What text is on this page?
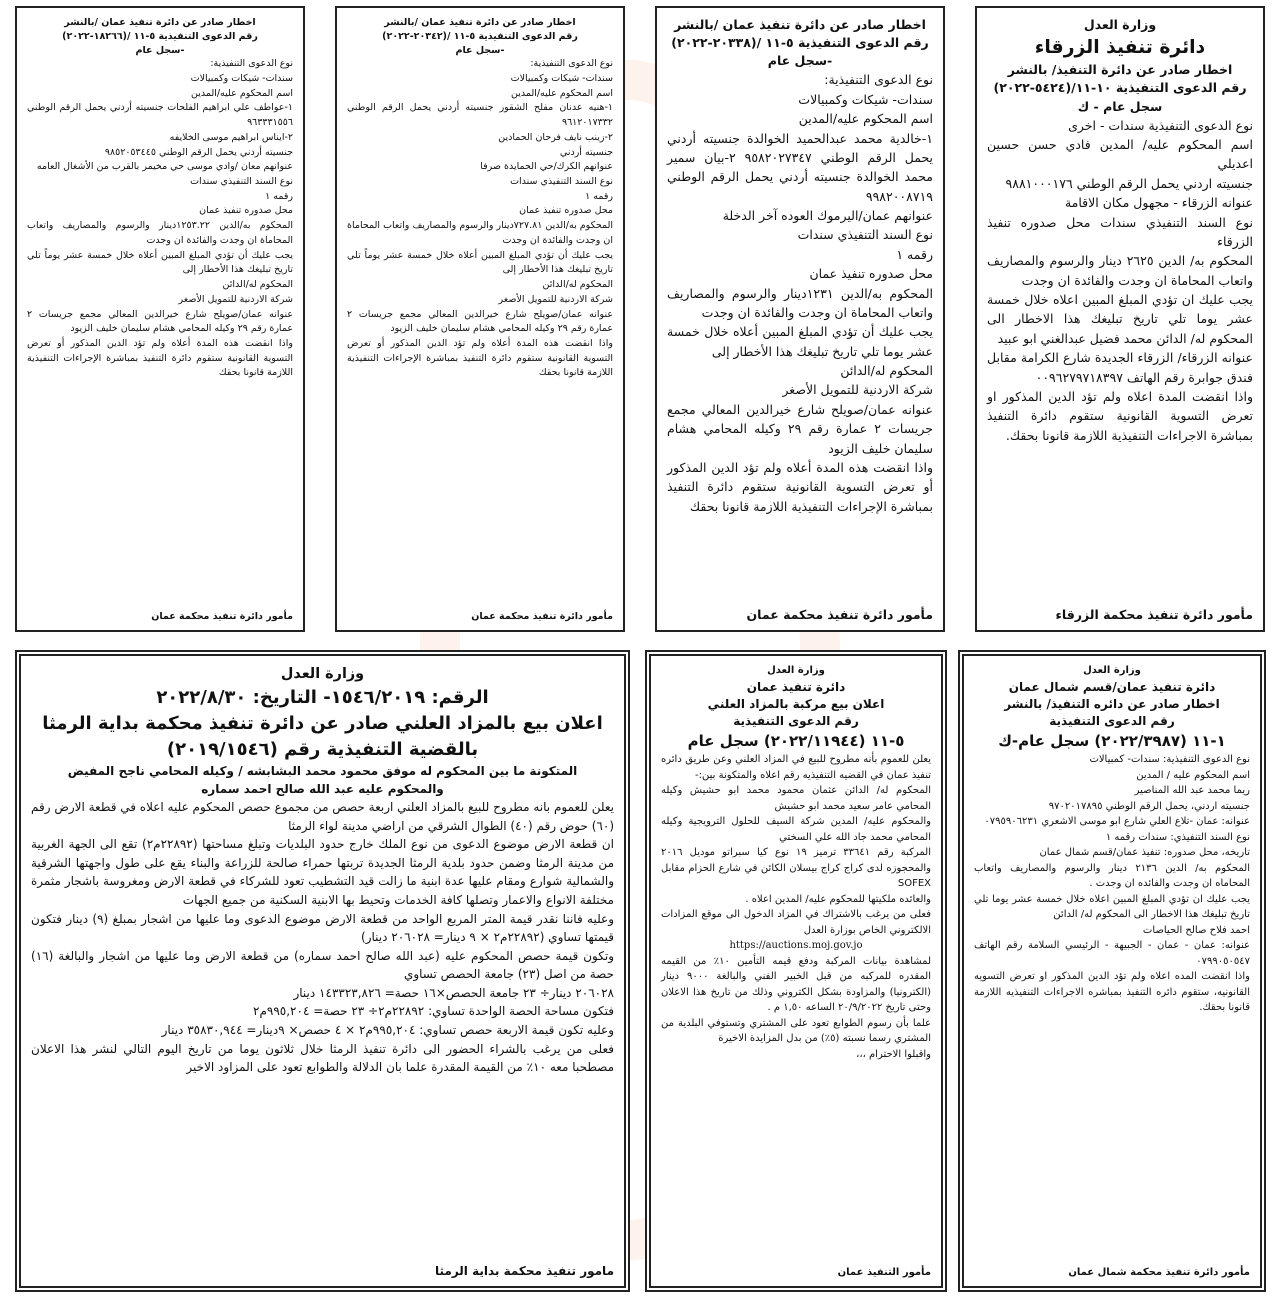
وزارة العدل
دائرة تنفيذ الزرقاء
اخطار صادر عن دائرة التنفيذ/ بالنشر
رقم الدعوى التنفيذية ١٠-١١/(٥٤٢٤-٢٠٢٢)
سجل عام - ك
نوع الدعوى التنفيذية سندات - اخرى
اسم المحكوم عليه/ المدين فادي حسن حسين اعديلي
جنسيته اردني يحمل الرقم الوطني ٩٨٨١٠٠٠١٧٦
عنوانه الزرقاء - مجهول مكان الاقامة
نوع السند التنفيذي سندات محل صدوره تنفيذ الزرقاء
المحكوم به/ الدين ٢٦٢٥ دينار والرسوم والمصاريف واتعاب المحاماة ان وجدت والفائدة ان وجدت
يجب عليك ان تؤدي المبلغ المبين اعلاه خلال خمسة عشر يوما تلي تاريخ تبليغك هذا الاخطار الى المحكوم له/ الدائن محمد فضيل عبدالغني ابو عبيد
عنوانه الزرقاء/ الزرقاء الجديدة شارع الكرامة مقابل فندق جوابرة رقم الهاتف ٠٠٩٦٢٧٩٧١٨٣٩٧
واذا انقضت المدة اعلاه ولم تؤد الدين المذكور او تعرض التسوية القانونية ستقوم دائرة التنفيذ بمباشرة الاجراءات التنفيذية اللازمة قانونا بحقك.
مأمور دائرة تنفيذ محكمة الزرقاء
اخطار صادر عن دائرة تنفيذ عمان /بالنشر
رقم الدعوى التنفيذية ٥-١١ /(٢٠٣٣٨-٢٠٢٢)
-سجل عام
نوع الدعوى التنفيذية:
سندات- شيكات وكمبيالات
اسم المحكوم عليه/المدين
١-خالدية محمد عبدالحميد الخوالدة جنسيته أردني يحمل الرقم الوطني ٩٥٨٢٠٢٧٣٤٧ ٢-بيان سمير محمد الخوالدة جنسيته أردني يحمل الرقم الوطني ٩٩٨٢٠٠٨٧١٩
عنوانهم عمان/اليرموك العوده آخر الدخلة
نوع السند التنفيذي سندات
رقمه ١
محل صدوره تنفيذ عمان
المحكوم به/الدين ١٢٣١دينار والرسوم والمصاريف واتعاب المحاماة ان وجدت والفائدة ان وجدت
يجب عليك أن تؤدي المبلغ المبين أعلاه خلال خمسة عشر يوما تلي تاريخ تبليغك هذا الأخطار إلى
المحكوم له/الدائن
شركة الاردنية للتمويل الأصغر
عنوانه عمان/صويلح شارع خيرالدين المعالي مجمع جريسات ٢ عمارة رقم ٢٩ وكيله المحامي هشام سليمان خليف الزيود
واذا انقضت هذه المدة أعلاه ولم تؤد الدين المذكور أو تعرض التسوية القانونية ستقوم دائرة التنفيذ بمباشرة الإجراءات التنفيذية اللازمة قانونا بحقك
مأمور دائرة تنفيذ محكمة عمان
اخطار صادر عن دائرة تنفيذ عمان /بالنشر
رقم الدعوى التنفيذية ٥-١١ /(٢٠٣٤٢-٢٠٢٢)
-سجل عام
نوع الدعوى التنفيذية:
سندات- شيكات وكمبيالات
اسم المحكوم عليه/المدين
١-هنيه عدنان مفلح الشقور جنسيته أردني يحمل الرقم الوطني ٩٦١٢٠١٧٣٣٢
٢-زينب نايف فرحان الحمادين
جنسيته أردني
عنوانهم الكرك/حي الحمايدة صرفا
نوع السند التنفيذي سندات
رقمه ١
محل صدوره تنفيذ عمان
المحكوم به/الدين ٧٢٧.٨١دينار والرسوم والمصاريف واتعاب المحاماة ان وجدت والفائدة ان وجدت
يجب عليك أن تؤدي المبلغ المبين أعلاه خلال خمسة عشر يوماً تلي تاريخ تبليغك هذا الأخطار إلى
المحكوم له/الدائن
شركة الاردنية للتمويل الأصغر
عنوانه عمان/صويلح شارع خيرالدين المعالي مجمع جريسات ٢ عمارة رقم ٢٩ وكيله المحامي هشام سليمان خليف الزيود
واذا انقضت هذه المدة أعلاه ولم تؤد الدين المذكور أو تعرض التسوية القانونية ستقوم دائرة التنفيذ بمباشرة الإجراءات التنفيذية اللازمة قانونا بحقك
مأمور دائرة تنفيذ محكمة عمان
اخطار صادر عن دائرة تنفيذ عمان /بالنشر
رقم الدعوى التنفيذية ٥-١١ /(١٨٢٦٦-٢٠٢٢)
-سجل عام
نوع الدعوى التنفيذية:
سندات- شيكات وكمبيالات
اسم المحكوم عليه/المدين
١-عواطف علي ابراهيم الفلحات جنسيته أردني يحمل الرقم الوطني ٩٦٣٣٣١٥٥٦
٢-ايناس ابراهيم موسى الخلايفه
جنسيته أردني يحمل الرقم الوطني ٩٨٥٢٠٥٣٤٤٥
عنوانهم معان /وادي موسى حي مخيمر بالقرب من الأشغال العامه
نوع السند التنفيذي سندات
رقمه ١
محل صدوره تنفيذ عمان
المحكوم به/الدين ١٢٥٣.٢٢دينار والرسوم والمصاريف واتعاب المحاماة ان وجدت والفائدة ان وجدت
يجب عليك أن تؤدي المبلغ المبين أعلاه خلال خمسة عشر يوماً تلي تاريخ تبليغك هذا الأخطار إلى
المحكوم له/الدائن
شركة الاردنية للتمويل الأصغر
عنوانه عمان/صويلح شارع خيرالدين المعالي مجمع جريسات ٢ عمارة رقم ٢٩ وكيله المحامي هشام سليمان خليف الزيود
واذا انقضت هذه المدة أعلاه ولم تؤد الدين المذكور أو تعرض التسوية القانونية ستقوم دائرة التنفيذ بمباشرة الإجراءات التنفيذية اللازمة قانونا بحقك
مأمور دائرة تنفيذ محكمة عمان
وزارة العدل
دائرة تنفيذ عمان/قسم شمال عمان
اخطار صادر عن دائره التنفيذ/ بالنشر
رقم الدعوى التنفيذية
١-١١ (٢٠٢٢/٣٩٨٧) سجل عام-ك
نوع الدعوى التنفيذية: سندات- كمبيالات
اسم المحكوم عليه / المدين
ريما محمد عبد الله المناصير
جنسيته اردني، يحمل الرقم الوطني ٩٧٠٢٠١٧٨٩٥
عنوانه: عمان -تلاع العلي شارع ابو موسى الاشعري ٠٧٩٥٩٠٦٢٣١
نوع السند التنفيذي: سندات رقمه ١
تاريخه، محل صدوره: تنفيذ عمان/قسم شمال عمان
المحكوم به/ الدين ٢١٣٦ دينار والرسوم والمصاريف واتعاب المحاماه ان وجدت والفائده ان وجدت .
يجب عليك ان تؤدي المبلغ المبين اعلاه خلال خمسة عشر يوما تلي تاريخ تبليغك هذا الاخطار الى المحكوم له/ الدائن
احمد فلاح صالح الحياصات
عنوانه: عمان - عمان - الجبيهة - الرئيسي السلامة رقم الهاتف ٠٧٩٩٠٥٠٥٤٧
واذا انقضت المده اعلاه ولم تؤد الدين المذكور او تعرض التسويه القانونيه، ستقوم دائره التنفيذ بمباشره الاجراءات التنفيذيه اللازمة قانونا بحقك.
مأمور دائرة تنفيذ محكمة شمال عمان
وزارة العدل
دائرة تنفيذ عمان
اعلان بيع مركبة بالمزاد العلني
رقم الدعوى التنفيذية
٥-١١ (٢٠٢٢/١١٩٤٤) سجل عام
يعلن للعموم بأنه مطروح للبيع في المزاد العلني وعن طريق دائره تنفيذ عمان في القضيه التنفيذيه رقم اعلاه والمتكونة بين:-
المحكوم له/ الدائن عثمان محمود محمد ابو حشيش وكيله المحامي عامر سعيد محمد ابو حشيش
والمحكوم عليه/ المدين شركة السيف للحلول الترويجية وكيله المحامي محمد جاد الله علي السختي
المركبة رقم ٣٣٦٤١ ترميز ١٩ نوع كيا سبراتو موديل ٢٠١٦ والمحجوزه لدى كراج كراج بيسلان الكائن في شارع الحزام مقابل SOFEX
والعائده ملكيتها للمحكوم عليه/ المدين اعلاه .
فعلى من يرغب بالاشتراك في المزاد الدخول الى موقع المزادات الالكتروني الخاص بوزارة العدل
https://auctions.moj.gov.jo
لمشاهدة بيانات المركبة ودفع قيمه التأمين ١٠٪ من القيمه المقدره للمركبه من قبل الخبير الفني والبالغة ٩٠٠٠ دينار (الكترونيا) والمزاودة بشكل الكتروني وذلك من تاريخ هذا الاعلان وحتى تاريخ ٢٠/٩/٢٠٢٢ الساعه ١,٥٠ م .
علما بأن رسوم الطوابع تعود على المشتري وتستوفي البلدية من المشتري رسما نسبته (٥٪) من بدل المزايدة الاخيرة
واقبلوا الاحترام ،،،
مأمور التنفيذ عمان
وزارة العدل
الرقم: ١٥٤٦/٢٠١٩- التاريخ: ٢٠٢٢/٨/٣٠
اعلان بيع بالمزاد العلني صادر عن دائرة تنفيذ محكمة بداية الرمثا
بالقضية التنفيذية رقم (٢٠١٩/١٥٤٦)
المتكونة ما بين المحكوم له موفق محمود محمد البشابشه / وكيله المحامي ناجح المفيض
والمحكوم عليه عبد الله صالح احمد سماره
يعلن للعموم بانه مطروح للبيع بالمزاد العلني اربعة حصص من مجموع حصص المحكوم عليه اعلاه في قطعة الارض رقم (٦٠) حوض رقم (٤٠) الطوال الشرقي من اراضي مدينة لواء الرمثا
ان قطعة الارض موضوع الدعوى من نوع الملك خارج حدود البلديات وتبلغ مساحتها (٢٢٨٩٢م٢) تقع الى الجهة الغربية من مدينة الرمثا وضمن حدود بلدية الرمثا الجديدة تربتها حمراء صالحة للزراعة والبناء يقع على طول واجهتها الشرقية والشمالية شوارع ومقام عليها عدة ابنية ما زالت قيد التشطيب تعود للشركاء في قطعة الارض ومغروسة باشجار مثمرة مختلفة الانواع والاعمار وتصلها كافة الخدمات وتحيط بها الابنية السكنية من جميع الجهات
وعليه فاننا نقدر قيمة المتر المربع الواحد من قطعة الارض موضوع الدعوى وما عليها من اشجار بمبلغ (٩) دينار فتكون قيمتها تساوي (٢٢٨٩٢م٢ × ٩ دينار= ٢٠٦٠٢٨ دينار)
وتكون قيمة حصص المحكوم عليه (عبد الله صالح احمد سماره) من قطعة الارض وما عليها من اشجار والبالغة (١٦) حصة من اصل (٢٣) جامعة الحصص تساوي
٢٠٦٠٢٨ دينار÷ ٢٣ جامعة الحصص×١٦ حصة= ١٤٣٣٢٣,٨٢٦ دينار
فتكون مساحة الحصة الواحدة تساوي: ٢٢٨٩٢م٢÷ ٢٣ حصة= ٩٩٥,٢٠٤م٢
وعليه تكون قيمة الاربعة حصص تساوي: ٩٩٥,٢٠٤م٢ × ٤ حصص× ٩دينار= ٣٥٨٣٠,٩٤٤ دينار
فعلى من يرغب بالشراء الحضور الى دائرة تنفيذ الرمثا خلال ثلاثون يوما من تاريخ اليوم التالي لنشر هذا الاعلان مصطحبا معه ١٠٪ من القيمة المقدرة علما بان الدلالة والطوابع تعود على المزاود الاخير
مامور تنفيذ محكمة بداية الرمثا
